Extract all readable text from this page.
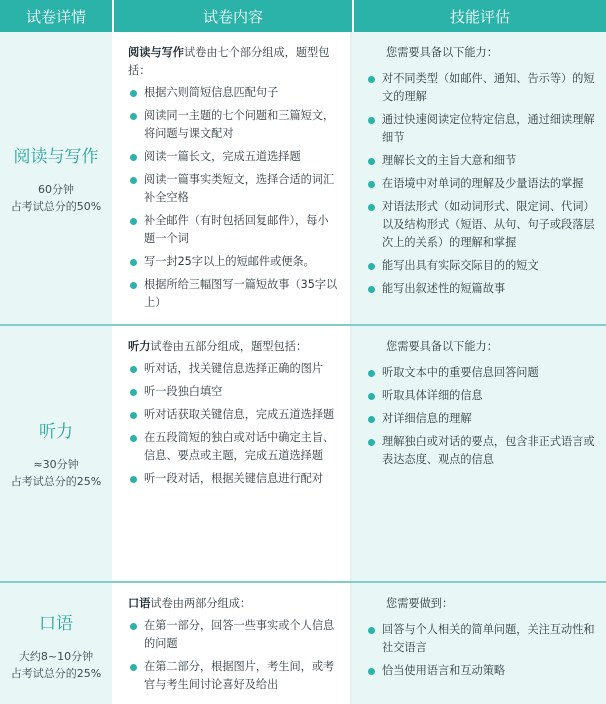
试卷详情	试卷内容	技能评估
阅读与写作
60分钟
占考试总分的50%
阅读与写作试卷由七个部分组成，题型包括：
根据六则简短信息匹配句子
阅读同一主题的七个问题和三篇短文，将问题与课文配对
阅读一篇长文，完成五道选择题
阅读一篇事实类短文，选择合适的词汇补全空格
补全邮件（有时包括回复邮件），每小题一个词
写一封25字以上的短邮件或便条。
根据所给三幅图写一篇短故事（35字以上）
您需要具备以下能力：
对不同类型（如邮件、通知、告示等）的短文的理解
通过快速阅读定位特定信息，通过细读理解细节
理解长文的主旨大意和细节
在语境中对单词的理解及少量语法的掌握
对语法形式（如动词形式、限定词、代词）以及结构形式（短语、从句、句子或段落层次上的关系）的理解和掌握
能写出具有实际交际目的的短文
能写出叙述性的短篇故事
听力
≈30分钟
占考试总分的25%
听力试卷由五部分组成，题型包括：
听对话，找关键信息选择正确的图片
听一段独白填空
听对话获取关键信息，完成五道选择题
在五段简短的独白或对话中确定主旨、信息、要点或主题，完成五道选择题
听一段对话，根据关键信息进行配对
您需要具备以下能力：
听取文本中的重要信息回答问题
听取具体详细的信息
对详细信息的理解
理解独白或对话的要点，包含非正式语言或表达态度、观点的信息
口语
大约8~10分钟
占考试总分的25%
口语试卷由两部分组成：
在第一部分，回答一些事实或个人信息的问题
在第二部分，根据图片，考生间，或考官与考生间讨论喜好及给出
您需要做到：
回答与个人相关的简单问题，关注互动性和社交语言
恰当使用语言和互动策略
